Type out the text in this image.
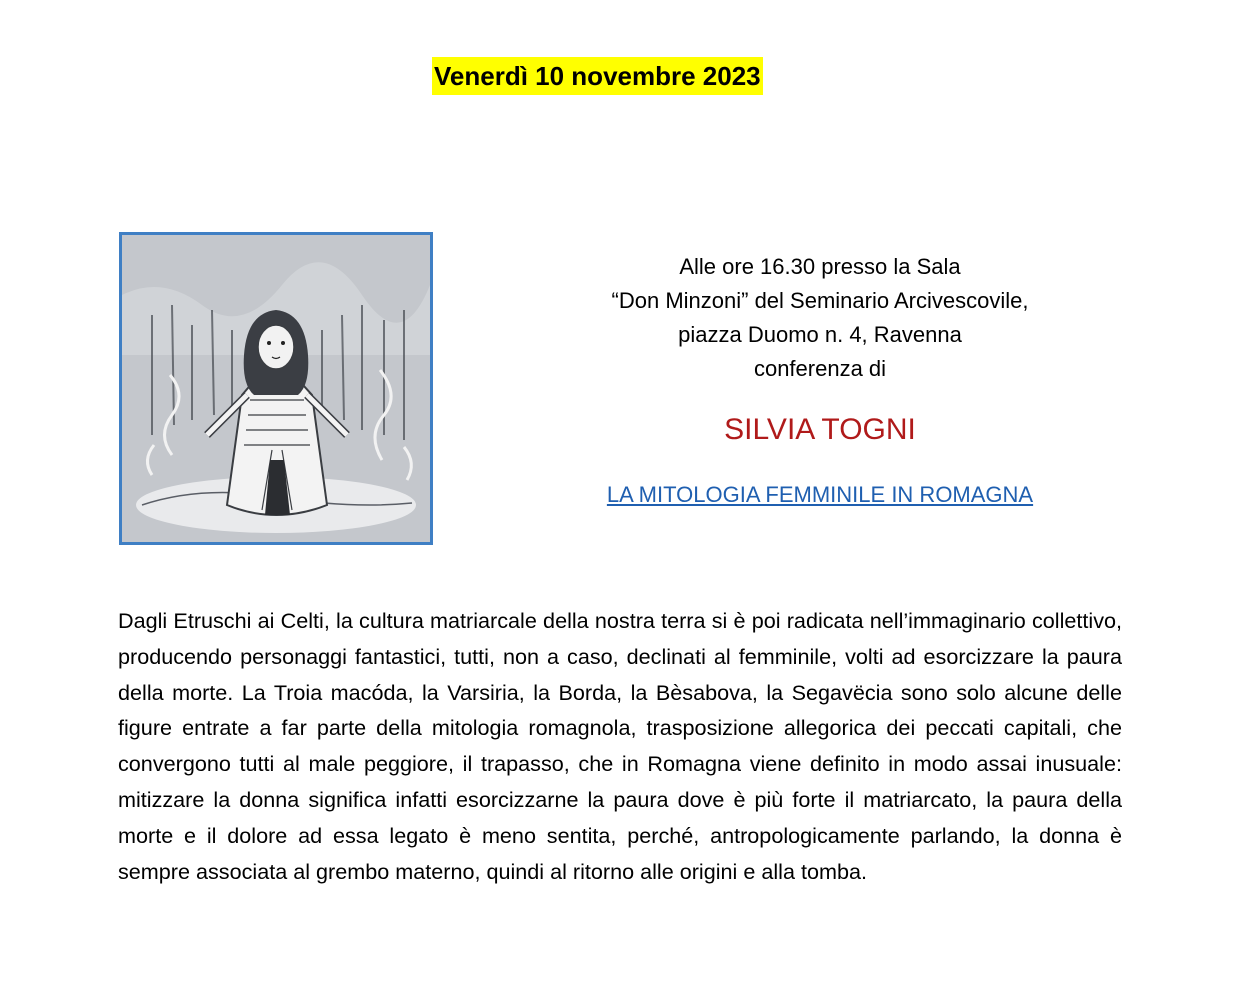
Venerdì 10 novembre 2023
Alle ore 16.30 presso la Sala
“Don Minzoni” del Seminario Arcivescovile,
piazza Duomo n. 4, Ravenna
conferenza di
SILVIA TOGNI
LA MITOLOGIA FEMMINILE IN ROMAGNA

Dagli Etruschi ai Celti, la cultura matriarcale della nostra terra si è poi radicata nell’immaginario collettivo, producendo personaggi fantastici, tutti, non a caso, declinati al femminile, volti ad esorcizzare la paura della morte. La Troia macóda, la Varsiria, la Borda, la Bèsabova, la Segavëcia sono solo alcune delle figure entrate a far parte della mitologia romagnola, trasposizione allegorica dei peccati capitali, che convergono tutti al male peggiore, il trapasso, che in Romagna viene definito in modo assai inusuale: mitizzare la donna significa infatti esorcizzarne la paura dove è più forte il matriarcato, la paura della morte e il dolore ad essa legato è meno sentita, perché, antropologicamente parlando, la donna è sempre associata al grembo materno, quindi al ritorno alle origini e alla tomba.
